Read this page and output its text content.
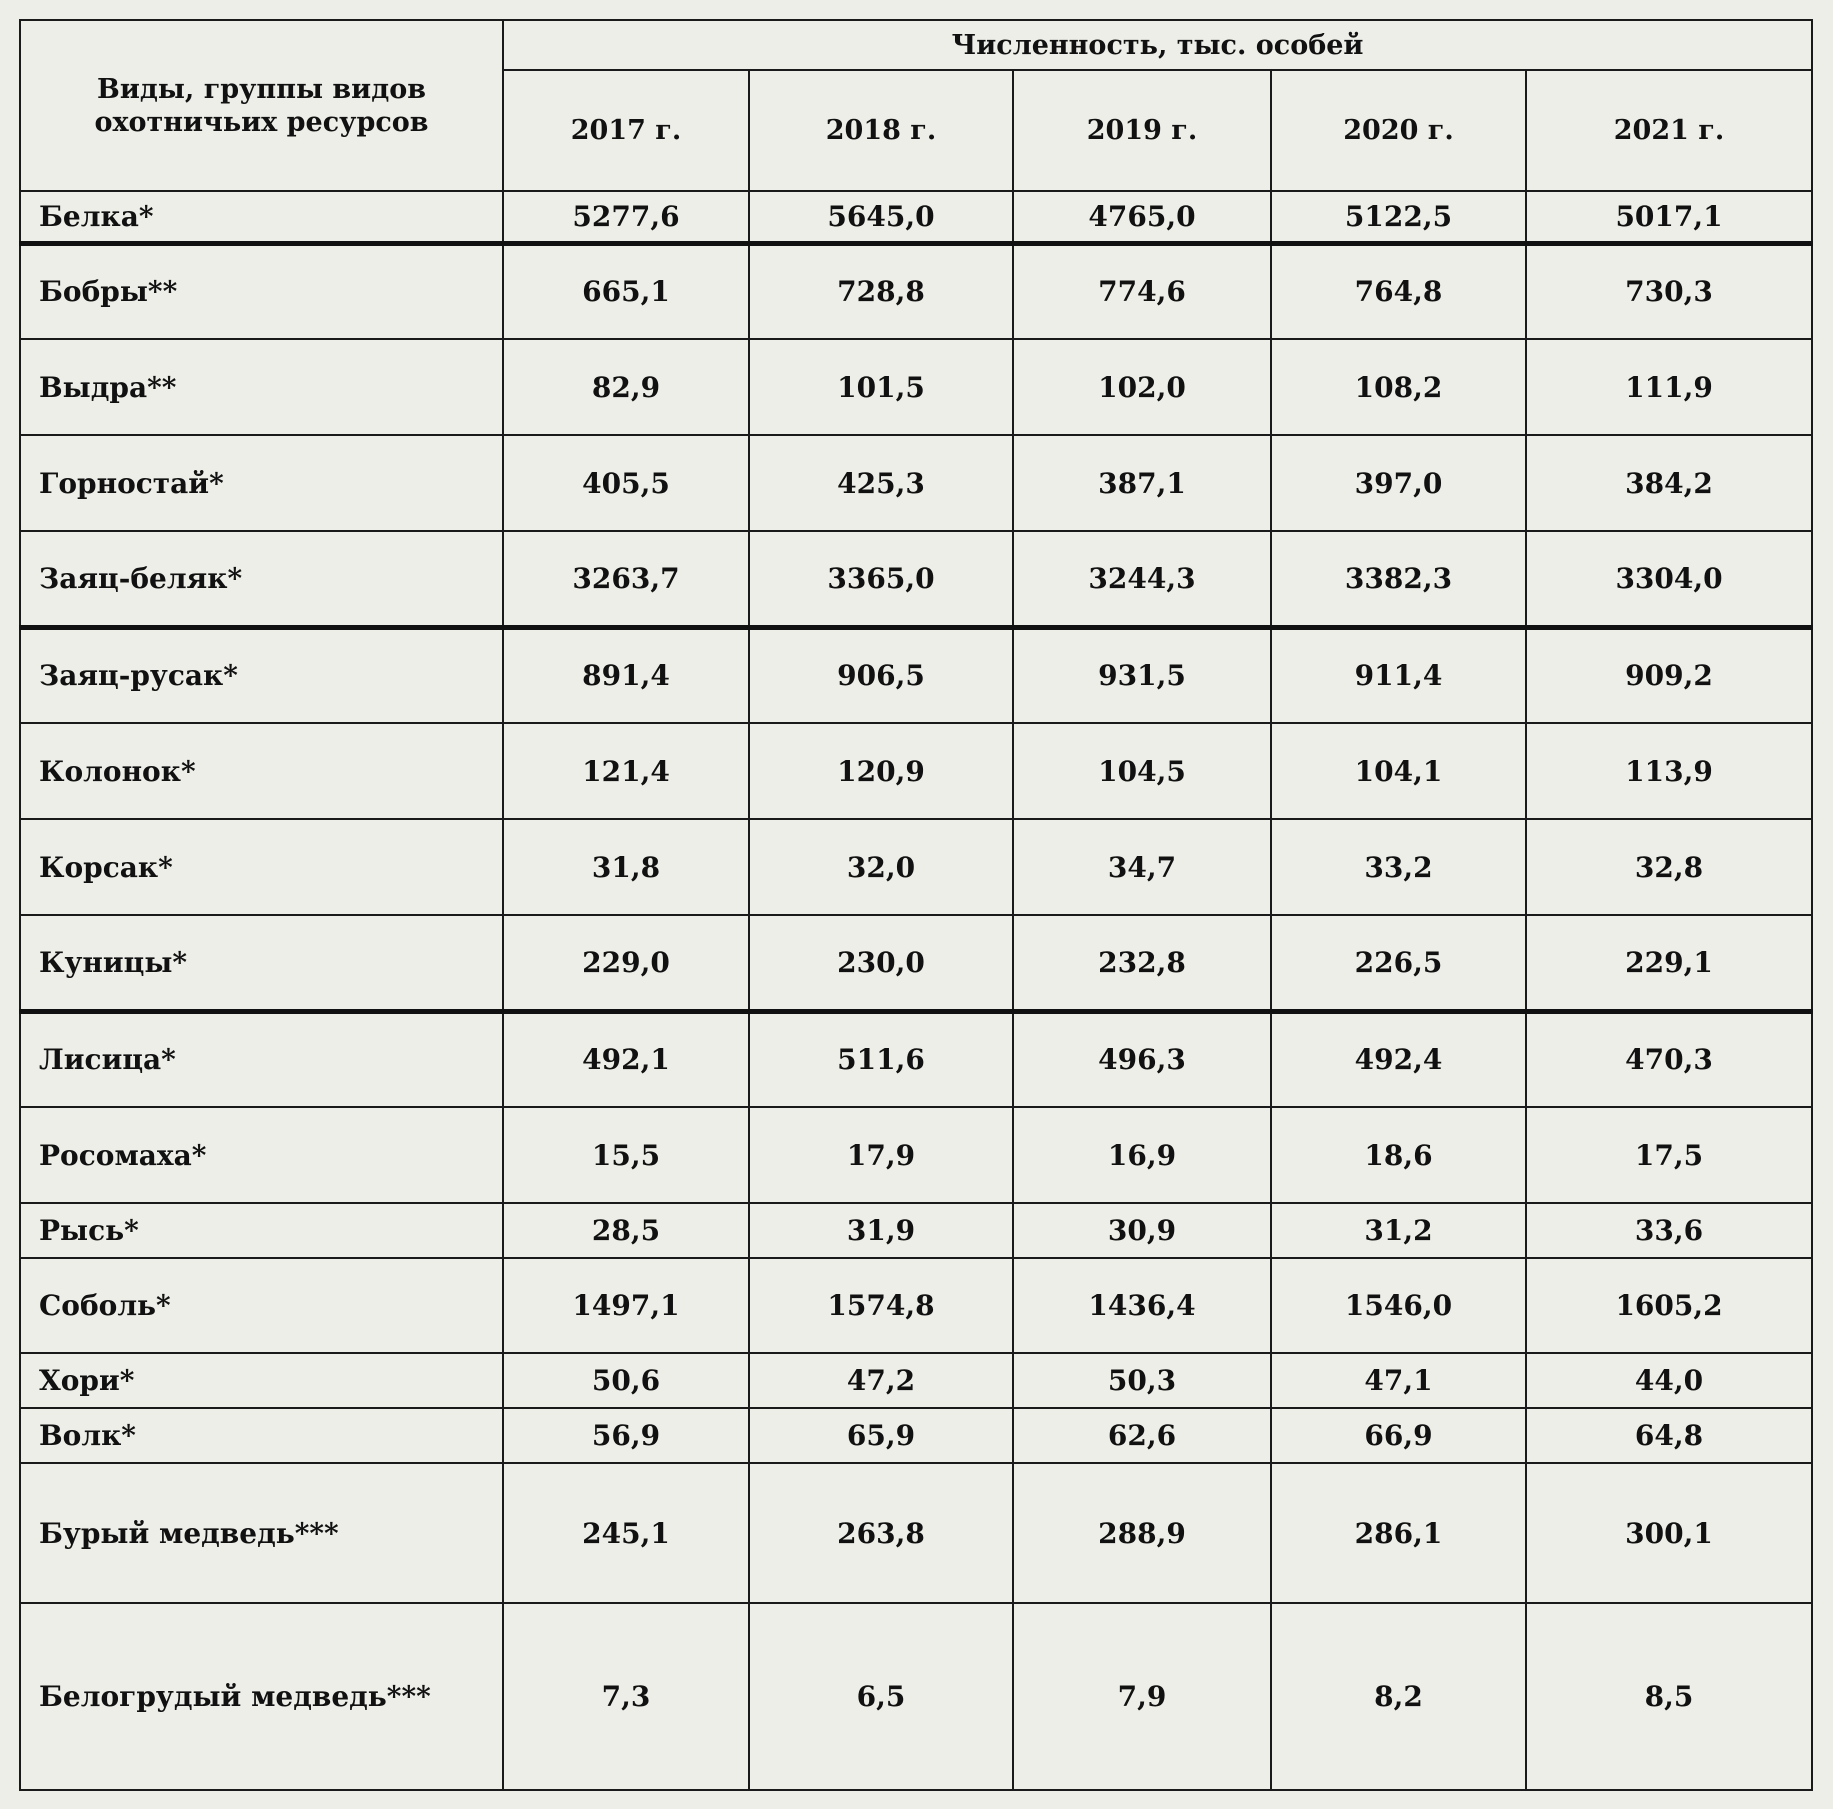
Виды, группы видов охотничьих ресурсов	Численность, тыс. особей				
	2017 г.	2018 г.	2019 г.	2020 г.	2021 г.
Белка*	5277,6	5645,0	4765,0	5122,5	5017,1
Бобры**	665,1	728,8	774,6	764,8	730,3
Выдра**	82,9	101,5	102,0	108,2	111,9
Горностай*	405,5	425,3	387,1	397,0	384,2
Заяц-беляк*	3263,7	3365,0	3244,3	3382,3	3304,0
Заяц-русак*	891,4	906,5	931,5	911,4	909,2
Колонок*	121,4	120,9	104,5	104,1	113,9
Корсак*	31,8	32,0	34,7	33,2	32,8
Куницы*	229,0	230,0	232,8	226,5	229,1
Лисица*	492,1	511,6	496,3	492,4	470,3
Росомаха*	15,5	17,9	16,9	18,6	17,5
Рысь*	28,5	31,9	30,9	31,2	33,6
Соболь*	1497,1	1574,8	1436,4	1546,0	1605,2
Хори*	50,6	47,2	50,3	47,1	44,0
Волк*	56,9	65,9	62,6	66,9	64,8
Бурый медведь***	245,1	263,8	288,9	286,1	300,1
Белогрудый медведь***	7,3	6,5	7,9	8,2	8,5
